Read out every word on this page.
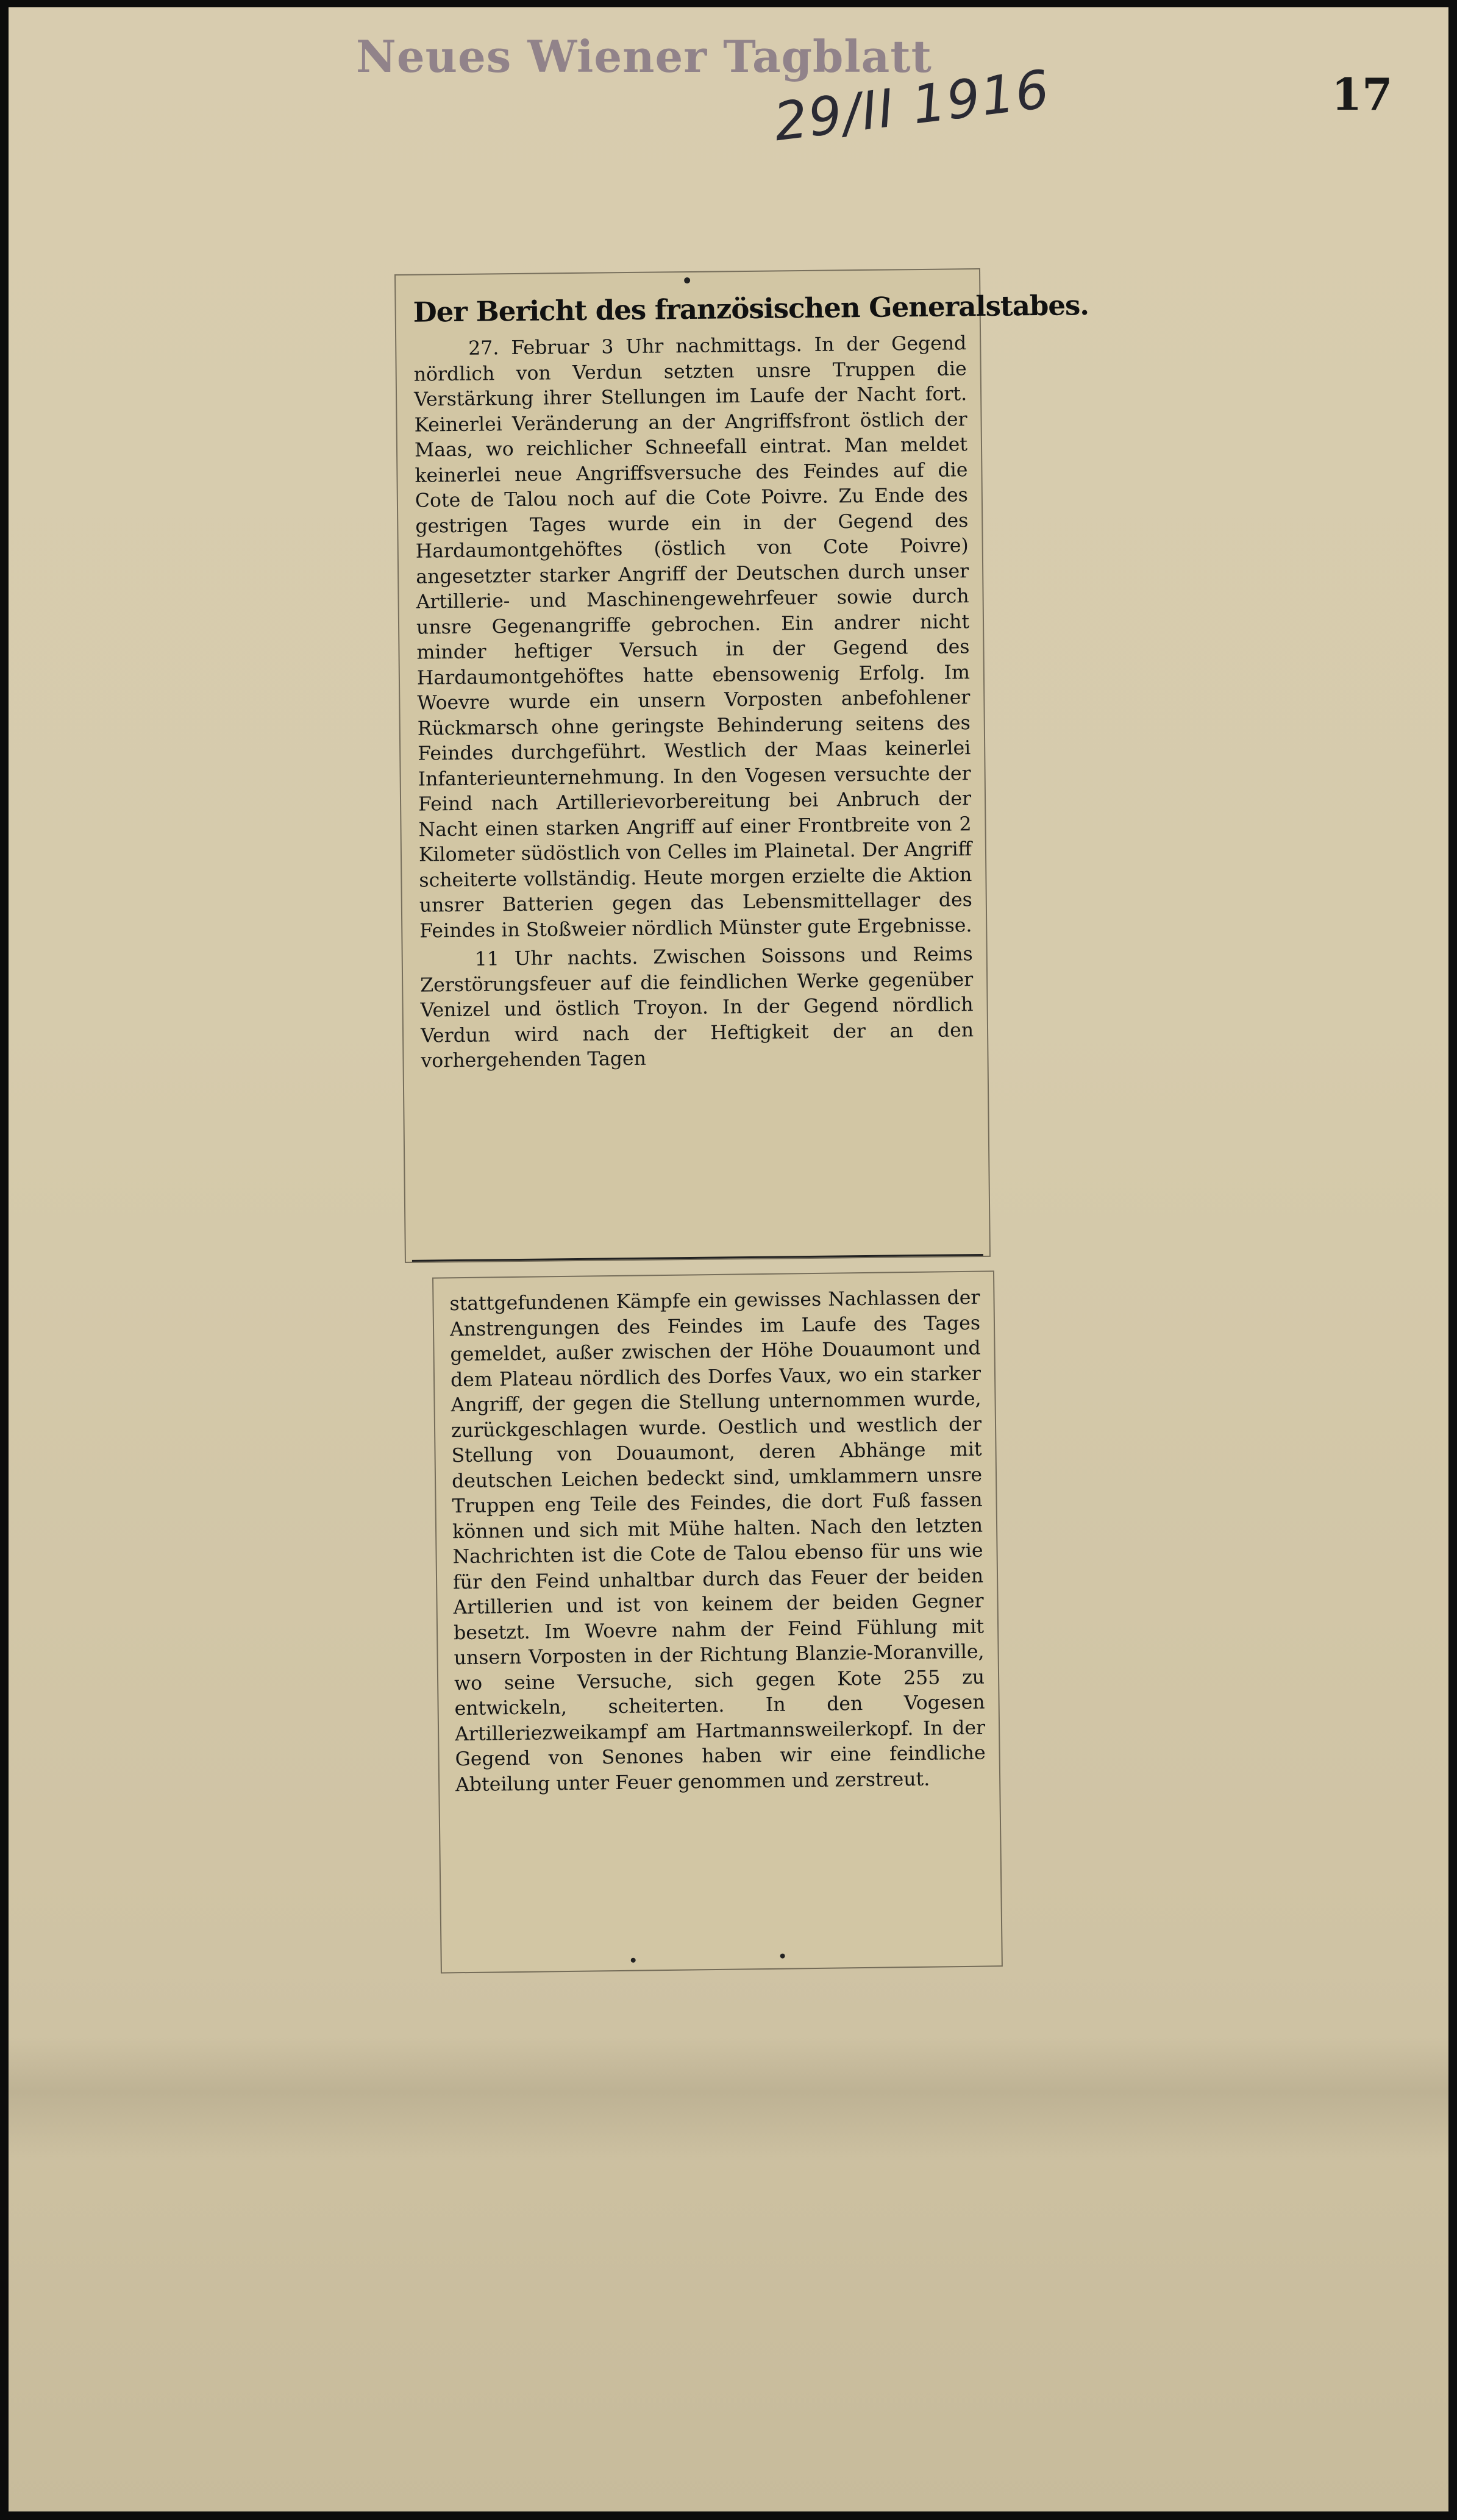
Neues Wiener Tagblatt
29/II 1916	17
Der Bericht des französischen Generalstabes.

27. Februar 3 Uhr nachmittags. In der Gegend nördlich von Verdun setzten unsre Truppen die Verstärkung ihrer Stellungen im Laufe der Nacht fort. Keinerlei Veränderung an der Angriffsfront östlich der Maas, wo reichlicher Schneefall eintrat. Man meldet keinerlei neue Angriffsversuche des Feindes auf die Cote de Talou noch auf die Cote Poivre. Zu Ende des gestrigen Tages wurde ein in der Gegend des Hardaumontgehöftes (östlich von Cote Poivre) angesetzter starker Angriff der Deutschen durch unser Artillerie- und Maschinengewehrfeuer sowie durch unsre Gegenangriffe gebrochen. Ein andrer nicht minder heftiger Versuch in der Gegend des Hardaumontgehöftes hatte ebensowenig Erfolg. Im Woevre wurde ein unsern Vorposten anbefohlener Rückmarsch ohne geringste Behinderung seitens des Feindes durchgeführt. Westlich der Maas keinerlei Infanterieunternehmung. In den Vogesen versuchte der Feind nach Artillerievorbereitung bei Anbruch der Nacht einen starken Angriff auf einer Frontbreite von 2 Kilometer südöstlich von Celles im Plainetal. Der Angriff scheiterte vollständig. Heute morgen erzielte die Aktion unsrer Batterien gegen das Lebensmittellager des Feindes in Stoßweier nördlich Münster gute Ergebnisse.

11 Uhr nachts. Zwischen Soissons und Reims Zerstörungsfeuer auf die feindlichen Werke gegenüber Venizel und östlich Troyon. In der Gegend nördlich Verdun wird nach der Heftigkeit der an den vorhergehenden Tagen

stattgefundenen Kämpfe ein gewisses Nachlassen der Anstrengungen des Feindes im Laufe des Tages gemeldet, außer zwischen der Höhe Douaumont und dem Plateau nördlich des Dorfes Vaux, wo ein starker Angriff, der gegen die Stellung unternommen wurde, zurückgeschlagen wurde. Oestlich und westlich der Stellung von Douaumont, deren Abhänge mit deutschen Leichen bedeckt sind, umklammern unsre Truppen eng Teile des Feindes, die dort Fuß fassen können und sich mit Mühe halten. Nach den letzten Nachrichten ist die Cote de Talou ebenso für uns wie für den Feind unhaltbar durch das Feuer der beiden Artillerien und ist von keinem der beiden Gegner besetzt. Im Woevre nahm der Feind Fühlung mit unsern Vorposten in der Richtung Blanzie-Moranville, wo seine Versuche, sich gegen Kote 255 zu entwickeln, scheiterten. In den Vogesen Artilleriezweikampf am Hartmannsweilerkopf. In der Gegend von Senones haben wir eine feindliche Abteilung unter Feuer genommen und zerstreut.
